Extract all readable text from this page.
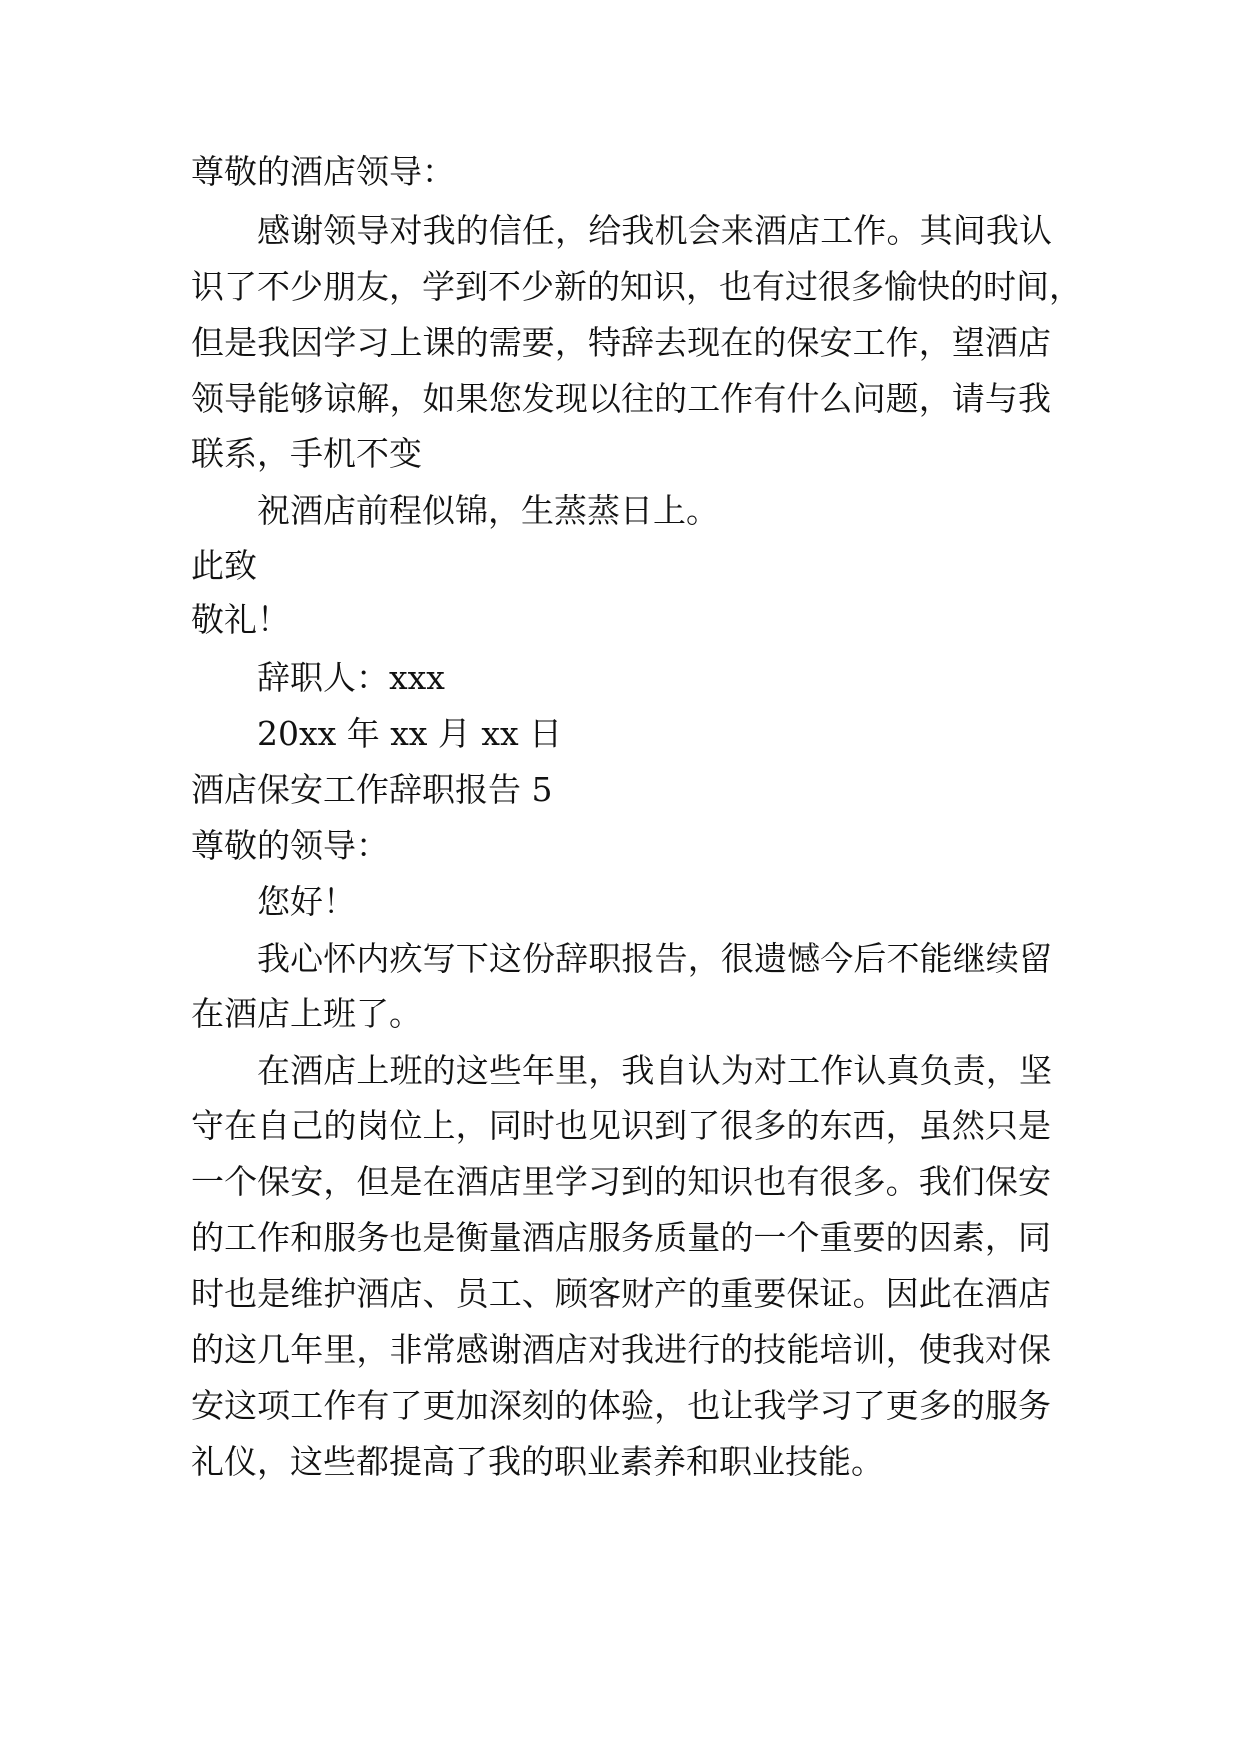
尊敬的酒店领导：
感谢领导对我的信任，给我机会来酒店工作。其间我认
识了不少朋友，学到不少新的知识，也有过很多愉快的时间，
但是我因学习上课的需要，特辞去现在的保安工作，望酒店
领导能够谅解，如果您发现以往的工作有什么问题，请与我
联系，手机不变
祝酒店前程似锦，生蒸蒸日上。
此致
敬礼！
辞职人：xxx
20xx 年 xx 月 xx 日
酒店保安工作辞职报告 5
尊敬的领导：
您好！
我心怀内疚写下这份辞职报告，很遗憾今后不能继续留
在酒店上班了。
在酒店上班的这些年里，我自认为对工作认真负责，坚
守在自己的岗位上，同时也见识到了很多的东西，虽然只是
一个保安，但是在酒店里学习到的知识也有很多。我们保安
的工作和服务也是衡量酒店服务质量的一个重要的因素，同
时也是维护酒店、员工、顾客财产的重要保证。因此在酒店
的这几年里，非常感谢酒店对我进行的技能培训，使我对保
安这项工作有了更加深刻的体验，也让我学习了更多的服务
礼仪，这些都提高了我的职业素养和职业技能。
